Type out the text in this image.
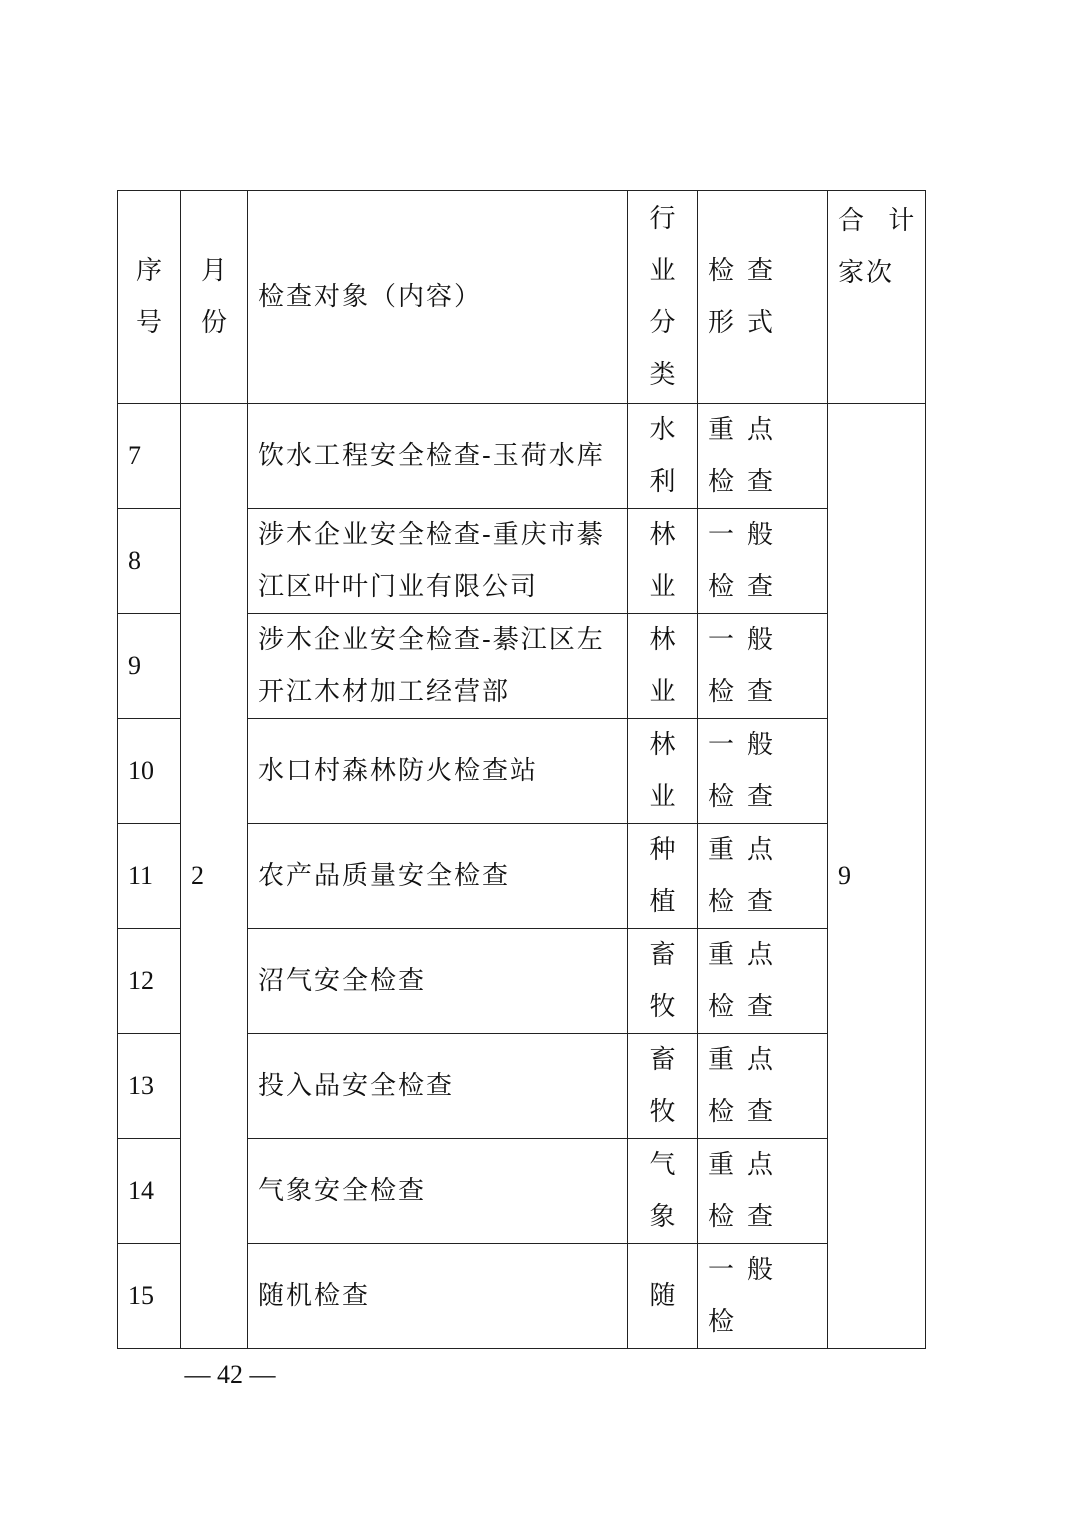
序号	月份	检查对象（内容）	行业分类	检查形式	合 计
家次

7	2	饮水工程安全检查-玉荷水库	水利	重点检查	9
8		涉木企业安全检查-重庆市綦江区叶叶门业有限公司	林业	一般检查	
9		涉木企业安全检查-綦江区左开江木材加工经营部	林业	一般检查	
10		水口村森林防火检查站	林业	一般检查	
11		农产品质量安全检查	种植	重点检查	
12		沼气安全检查	畜牧	重点检查	
13		投入品安全检查	畜牧	重点检查	
14		气象安全检查	气象	重点检查	
15		随机检查	随	一般检	
— 42 —
